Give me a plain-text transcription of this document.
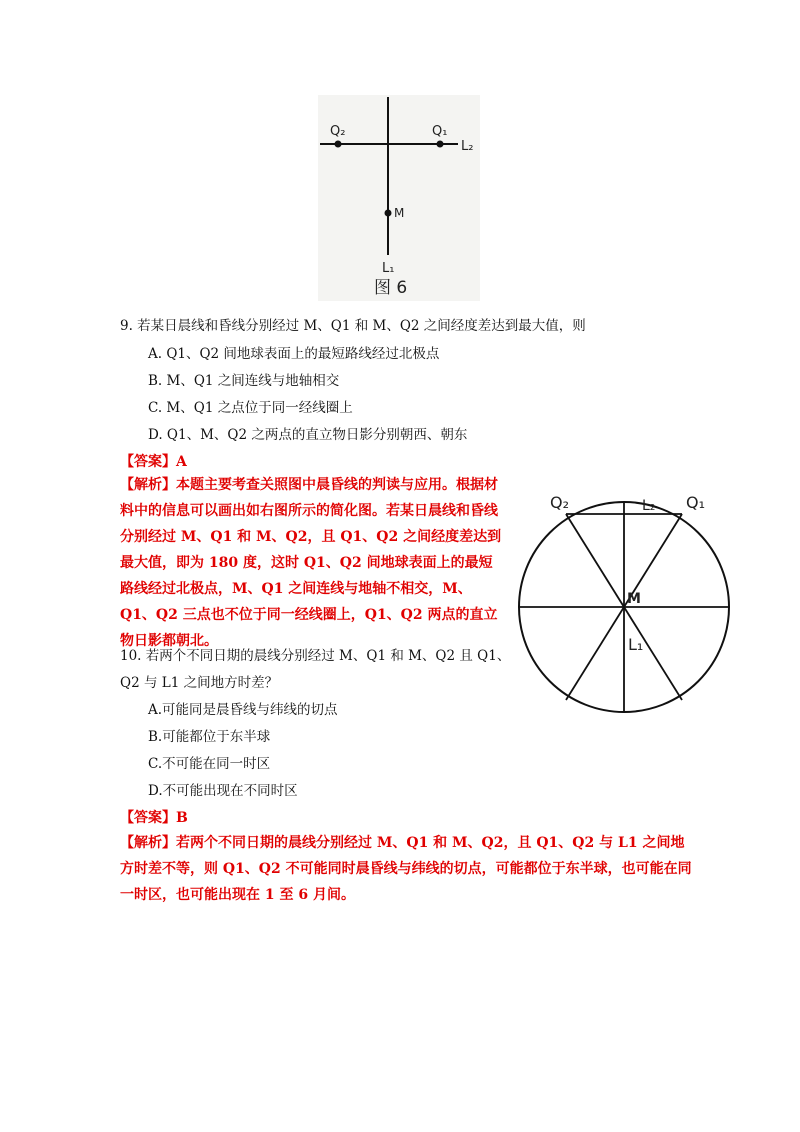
Q₂	Q₁
L₂
M
L₁
图 6
9. 若某日晨线和昏线分别经过 M、Q1 和 M、Q2 之间经度差达到最大值，则
A. Q1、Q2 间地球表面上的最短路线经过北极点
B. M、Q1 之间连线与地轴相交
C. M、Q1 之点位于同一经线圈上
D. Q1、M、Q2 之两点的直立物日影分别朝西、朝东
【答案】A
【解析】本题主要考查关照图中晨昏线的判读与应用。根据材料中的信息可以画出如右图所示的简化图。若某日晨线和昏线分别经过 M、Q1 和 M、Q2，且 Q1、Q2 之间经度差达到最大值，即为 180 度，这时 Q1、Q2 间地球表面上的最短路线经过北极点，M、Q1 之间连线与地轴不相交，M、Q1、Q2 三点也不位于同一经线圈上，Q1、Q2 两点的直立物日影都朝北。
Q₂	L₂ Q₁
M
L₁
10. 若两个不同日期的晨线分别经过 M、Q1 和 M、Q2 且 Q1、
Q2 与 L1 之间地方时差？
A.可能同是晨昏线与纬线的切点
B.可能都位于东半球
C.不可能在同一时区
D.不可能出现在不同时区
【答案】B
【解析】若两个不同日期的晨线分别经过 M、Q1 和 M、Q2，且 Q1、Q2 与 L1 之间地方时差不等，则 Q1、Q2 不可能同时晨昏线与纬线的切点，可能都位于东半球，也可能在同一时区，也可能出现在 1 至 6 月间。
